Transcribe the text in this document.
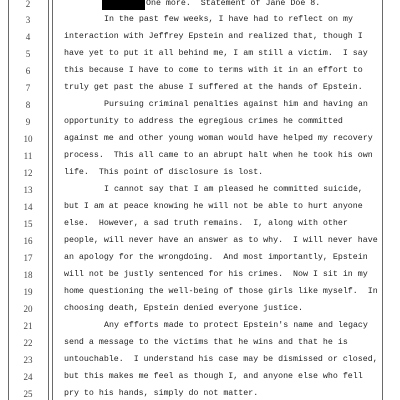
2
3
4
5
6
7
8
9
10
11
12
13
14
15
16
17
18
19
20
21
22
23
24
25
One more.  Statement of Jane Doe 8.
In the past few weeks, I have had to reflect on my
interaction with Jeffrey Epstein and realized that, though I
have yet to put it all behind me, I am still a victim.  I say
this because I have to come to terms with it in an effort to
truly get past the abuse I suffered at the hands of Epstein.
Pursuing criminal penalties against him and having an
opportunity to address the egregious crimes he committed
against me and other young woman would have helped my recovery
process.  This all came to an abrupt halt when he took his own
life.  This point of disclosure is lost.
I cannot say that I am pleased he committed suicide,
but I am at peace knowing he will not be able to hurt anyone
else.  However, a sad truth remains.  I, along with other
people, will never have an answer as to why.  I will never have
an apology for the wrongdoing.  And most importantly, Epstein
will not be justly sentenced for his crimes.  Now I sit in my
home questioning the well-being of those girls like myself.  In
choosing death, Epstein denied everyone justice.
Any efforts made to protect Epstein's name and legacy
send a message to the victims that he wins and that he is
untouchable.  I understand his case may be dismissed or closed,
but this makes me feel as though I, and anyone else who fell
pry to his hands, simply do not matter.
